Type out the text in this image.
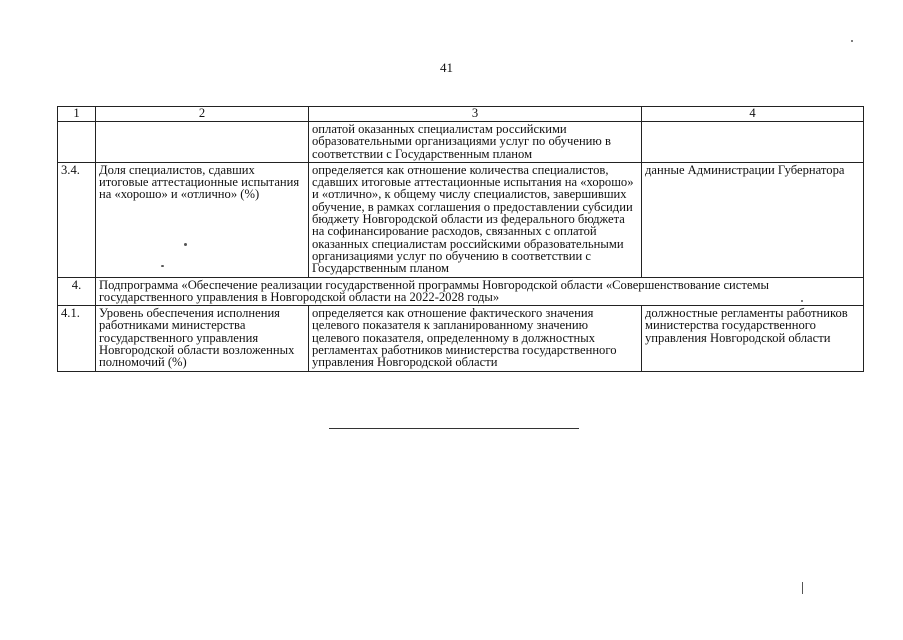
41
1	2	3	4
		оплатой оказанных специалистам российскими образовательными организациями услуг по обучению в соответствии с Государственным планом	
3.4.	Доля специалистов, сдавших итоговые аттестационные испытания на «хорошо» и «отлично» (%)	определяется как отношение количества специалистов, сдавших итоговые аттестационные испытания на «хорошо» и «отлично», к общему числу специалистов, завершивших обучение, в рамках соглашения о предоставлении субсидии бюджету Новгородской области из федерального бюджета на софинансирование расходов, связанных с оплатой оказанных специалистам российскими образовательными организациями услуг по обучению в соответствии с Государственным планом	данные Администрации Губернатора
4.	Подпрограмма «Обеспечение реализации государственной программы Новгородской области «Совершенствование системы государственного управления в Новгородской области на 2022-2028 годы»		
4.1.	Уровень обеспечения исполнения работниками министерства государственного управления Новгородской области возложенных полномочий (%)	определяется как отношение фактического значения целевого показателя к запланированному значению целевого показателя, определенному в должностных регламентах работников министерства государственного управления Новгородской области	должностные регламенты работников министерства государственного управления Новгородской области
